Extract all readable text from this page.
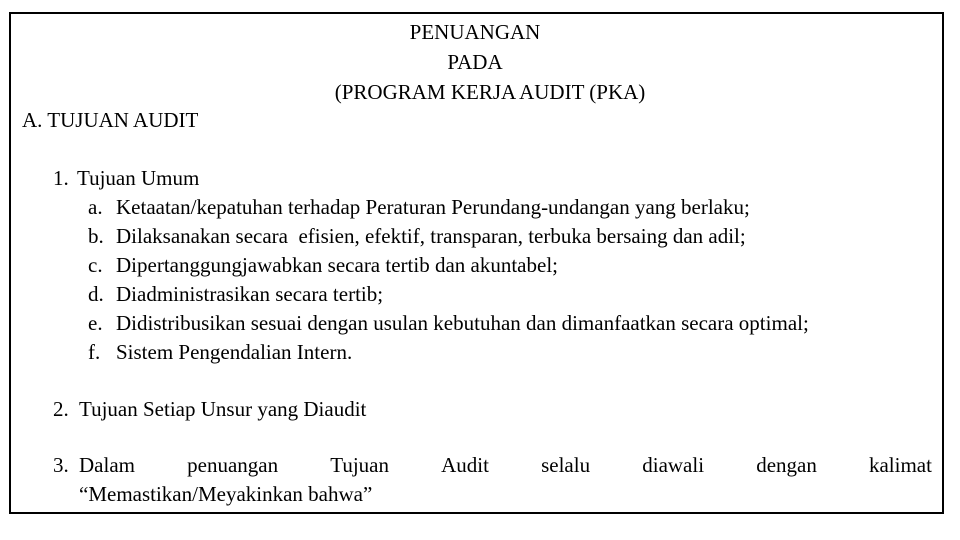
PENUANGAN
PADA
(PROGRAM KERJA AUDIT (PKA)
A. TUJUAN AUDIT
1. Tujuan Umum
a. Ketaatan/kepatuhan terhadap Peraturan Perundang-undangan yang berlaku;
b. Dilaksanakan secara  efisien, efektif, transparan, terbuka bersaing dan adil;
c. Dipertanggungjawabkan secara tertib dan akuntabel;
d. Diadministrasikan secara tertib;
e. Didistribusikan sesuai dengan usulan kebutuhan dan dimanfaatkan secara optimal;
f. Sistem Pengendalian Intern.
2. Tujuan Setiap Unsur yang Diaudit
3. Dalam penuangan Tujuan Audit selalu diawali dengan kalimat
“Memastikan/Meyakinkan bahwa”
